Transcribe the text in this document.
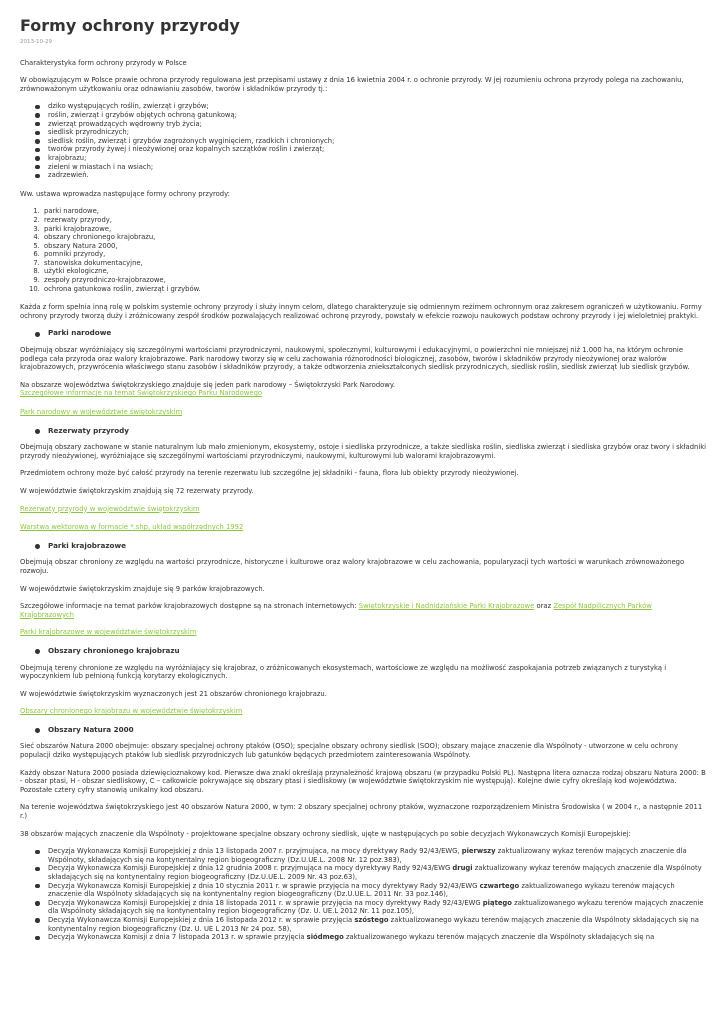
Formy ochrony przyrody
2013-10-29

Charakterystyka form ochrony przyrody w Polsce

W obowiązującym w Polsce prawie ochrona przyrody regulowana jest przepisami ustawy z dnia 16 kwietnia 2004 r. o ochronie przyrody. W jej rozumieniu ochrona przyrody polega na zachowaniu, zrównoważonym użytkowaniu oraz odnawianiu zasobów, tworów i składników przyrody tj.:

dziko występujących roślin, zwierząt i grzybów;
roślin, zwierząt i grzybów objętych ochroną gatunkową;
zwierząt prowadzących wędrowny tryb życia;
siedlisk przyrodniczych;
siedlisk roślin, zwierząt i grzybów zagrożonych wyginięciem, rzadkich i chronionych;
tworów przyrody żywej i nieożywionej oraz kopalnych szczątków roślin i zwierząt;
krajobrazu;
zieleni w miastach i na wsiach;
zadrzewień.

Ww. ustawa wprowadza następujące formy ochrony przyrody:

1. parki narodowe,
2. rezerwaty przyrody,
3. parki krajobrazowe,
4. obszary chronionego krajobrazu,
5. obszary Natura 2000,
6. pomniki przyrody,
7. stanowiska dokumentacyjne,
8. użytki ekologiczne,
9. zespoły przyrodniczo-krajobrazowe,
10. ochrona gatunkowa roślin, zwierząt i grzybów.

Każda z form spełnia inną rolę w polskim systemie ochrony przyrody i służy innym celom, dlatego charakteryzuje się odmiennym reżimem ochronnym oraz zakresem ograniczeń w użytkowaniu. Formy ochrony przyrody tworzą duży i zróżnicowany zespół środków pozwalających realizować ochronę przyrody, powstały w efekcie rozwoju naukowych podstaw ochrony przyrody i jej wieloletniej praktyki.

Parki narodowe

Obejmują obszar wyróżniający się szczególnymi wartościami przyrodniczymi, naukowymi, społecznymi, kulturowymi i edukacyjnymi, o powierzchni nie mniejszej niż 1.000 ha, na którym ochronie podlega cała przyroda oraz walory krajobrazowe. Park narodowy tworzy się w celu zachowania różnorodności biologicznej, zasobów, tworów i składników przyrody nieożywionej oraz walorów krajobrazowych, przywrócenia właściwego stanu zasobów i składników przyrody, a także odtworzenia zniekształconych siedlisk przyrodniczych, siedlisk roślin, siedlisk zwierząt lub siedlisk grzybów.

Na obszarze województwa świętokrzyskiego znajduje się jeden park narodowy – Świętokrzyski Park Narodowy.
Szczegółowe informacje na temat Świętokrzyskiego Parku Narodowego

Park narodowy w województwie świętokrzyskim
Rezerwaty przyrody

Obejmują obszary zachowane w stanie naturalnym lub mało zmienionym, ekosystemy, ostoje i siedliska przyrodnicze, a także siedliska roślin, siedliska zwierząt i siedliska grzybów oraz twory i składniki przyrody nieożywionej, wyróżniające się szczególnymi wartościami przyrodniczymi, naukowymi, kulturowymi lub walorami krajobrazowymi.

Przedmiotem ochrony może być całość przyrody na terenie rezerwatu lub szczególne jej składniki - fauna, flora lub obiekty przyrody nieożywionej.

W województwie świętokrzyskim znajdują się 72 rezerwaty przyrody.

Rezerwaty przyrody w województwie świętokrzyskim
Warstwa wektorowa w formacie *.shp, układ współrzędnych 1992
Parki krajobrazowe

Obejmują obszar chroniony ze względu na wartości przyrodnicze, historyczne i kulturowe oraz walory krajobrazowe w celu zachowania, popularyzacji tych wartości w warunkach zrównoważonego rozwoju.

W województwie świętokrzyskim znajduje się 9 parków krajobrazowych.

Szczegółowe informacje na temat parków krajobrazowych dostępne są na stronach internetowych: Świętokrzyskie i Nadnidziańskie Parki Krajobrazowe oraz Zespół Nadpilicznych Parków Krajobrazowych

Parki krajobrazowe w województwie świętokrzyskim
Obszary chronionego krajobrazu

Obejmują tereny chronione ze względu na wyróżniający się krajobraz, o zróżnicowanych ekosystemach, wartościowe ze względu na możliwość zaspokajania potrzeb związanych z turystyką i wypoczynkiem lub pełnioną funkcją korytarzy ekologicznych.

W województwie świętokrzyskim wyznaczonych jest 21 obszarów chronionego krajobrazu.

Obszary chronionego krajobrazu w województwie świętokrzyskim
Obszary Natura 2000

Sieć obszarów Natura 2000 obejmuje: obszary specjalnej ochrony ptaków (OSO); specjalne obszary ochrony siedlisk (SOO); obszary mające znaczenie dla Wspólnoty - utworzone w celu ochrony populacji dziko występujących ptaków lub siedlisk przyrodniczych lub gatunków będących przedmiotem zainteresowania Wspólnoty.

Każdy obszar Natura 2000 posiada dziewięcioznakowy kod. Pierwsze dwa znaki określają przynależność krajową obszaru (w przypadku Polski PL). Następna litera oznacza rodzaj obszaru Natura 2000: B - obszar ptasi, H - obszar siedliskowy, C – całkowicie pokrywające się obszary ptasi i siedliskowy (w województwie świętokrzyskim nie występują). Kolejne dwie cyfry określają kod województwa. Pozostałe cztery cyfry stanowią unikalny kod obszaru.

Na terenie województwa świętokrzyskiego jest 40 obszarów Natura 2000, w tym: 2 obszary specjalnej ochrony ptaków, wyznaczone rozporządzeniem Ministra Środowiska ( w 2004 r., a następnie 2011 r.)

38 obszarów mających znaczenie dla Wspólnoty - projektowane specjalne obszary ochrony siedlisk, ujęte w następujących po sobie decyzjach Wykonawczych Komisji Europejskiej:

Decyzja Wykonawcza Komisji Europejskiej z dnia 13 listopada 2007 r. przyjmująca, na mocy dyrektywy Rady 92/43/EWG, pierwszy zaktualizowany wykaz terenów mających znaczenie dla Wspólnoty, składających się na kontynentalny region biogeograficzny (Dz.U.UE.L. 2008 Nr. 12 poz.383),
Decyzja Wykonawcza Komisji Europejskiej z dnia 12 grudnia 2008 r. przyjmująca na mocy dyrektywy Rady 92/43/EWG drugi zaktualizowany wykaz terenów mających znaczenie dla Wspólnoty składających się na kontynentalny region biogeograficzny (Dz.U.UE.L. 2009 Nr. 43 poz.63),
Decyzja Wykonawcza Komisji Europejskiej z dnia 10 stycznia 2011 r. w sprawie przyjęcia na mocy dyrektywy Rady 92/43/EWG czwartego zaktualizowanego wykazu terenów mających znaczenie dla Wspólnoty składających się na kontynentalny region biogeograficzny (Dz.U.UE.L. 2011 Nr. 33 poz.146),
Decyzja Wykonawcza Komisji Europejskiej z dnia 18 listopada 2011 r. w sprawie przyjęcia na mocy dyrektywy Rady 92/43/EWG piątego zaktualizowanego wykazu terenów mających znaczenie dla Wspólnoty składających się na kontynentalny region biogeograficzny (Dz. U. UE.L 2012 Nr. 11 poz.105),
Decyzja Wykonawcza Komisji Europejskiej z dnia 16 listopada 2012 r. w sprawie przyjęcia szóstego zaktualizowanego wykazu terenów mających znaczenie dla Wspólnoty składających się na kontynentalny region biogeograficzny (Dz. U. UE L 2013 Nr 24 poz. 58),
Decyzja Wykonawcza Komisji z dnia 7 listopada 2013 r. w sprawie przyjęcia siódmego zaktualizowanego wykazu terenów mających znaczenie dla Wspólnoty składających się na
